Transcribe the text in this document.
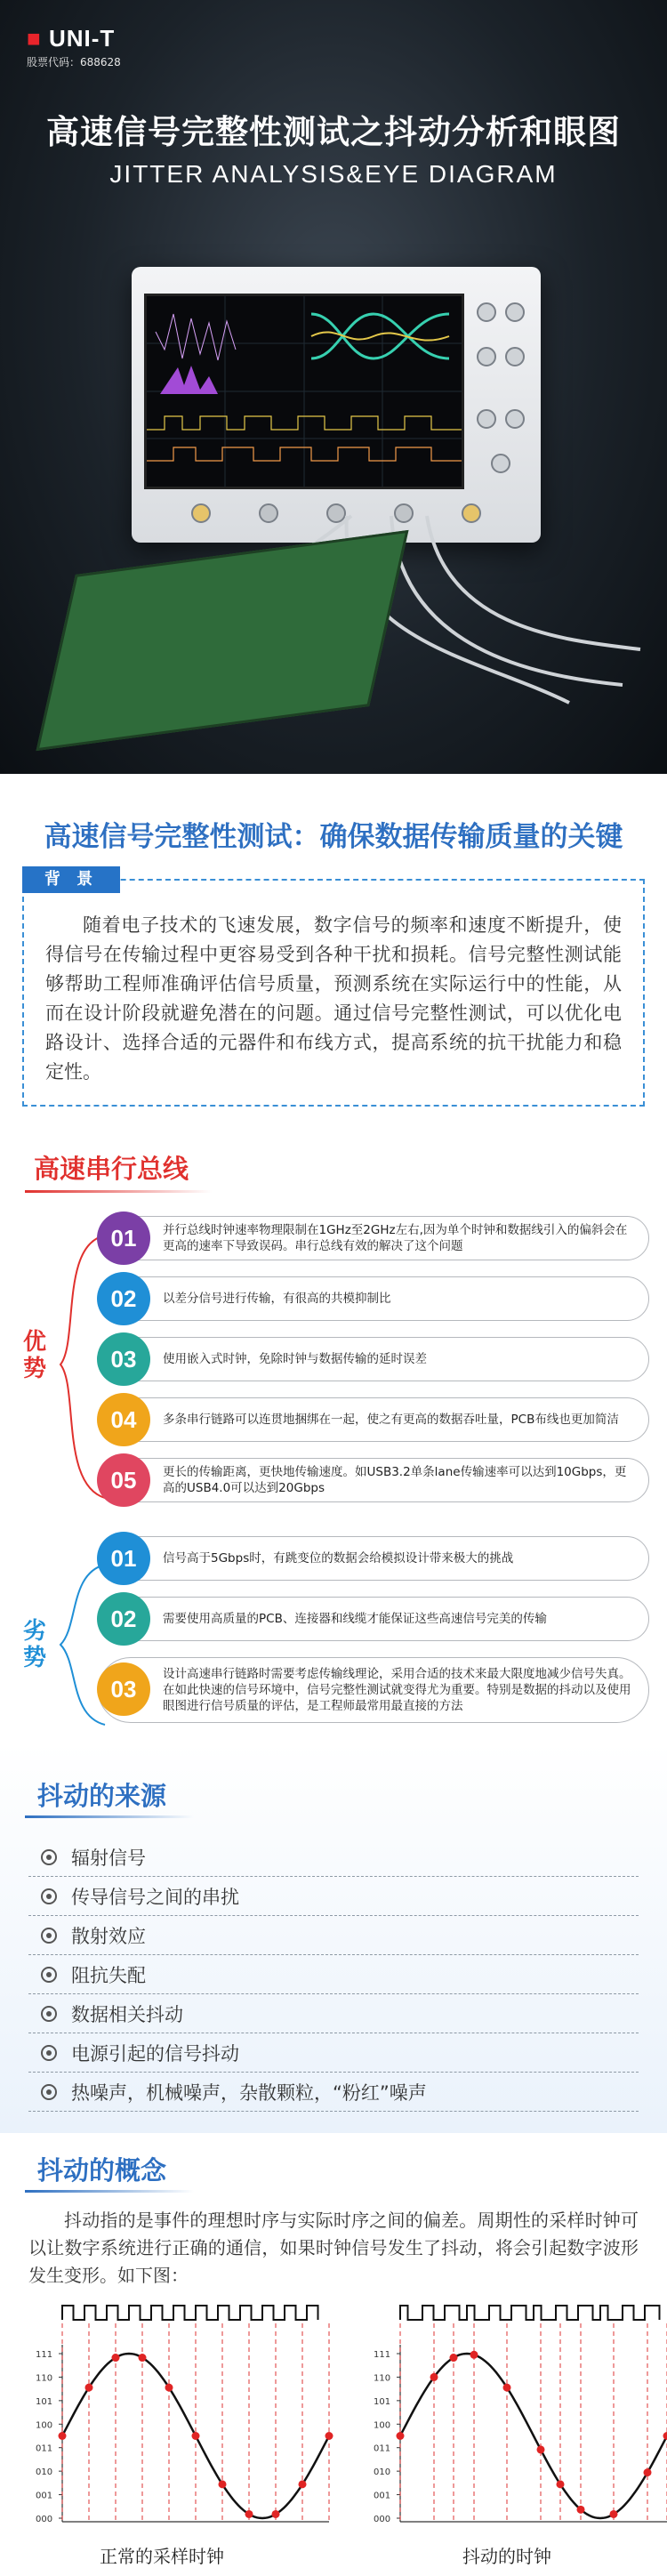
■ UNI-T
股票代码：688628
高速信号完整性测试之抖动分析和眼图
JITTER ANALYSIS&EYE DIAGRAM
高速信号完整性测试：确保数据传输质量的关键
背 景
随着电子技术的飞速发展，数字信号的频率和速度不断提升，使得信号在传输过程中更容易受到各种干扰和损耗。信号完整性测试能够帮助工程师准确评估信号质量，预测系统在实际运行中的性能，从而在设计阶段就避免潜在的问题。通过信号完整性测试，可以优化电路设计、选择合适的元器件和布线方式，提高系统的抗干扰能力和稳定性。
高速串行总线
优势
劣势
01	并行总线时钟速率物理限制在1GHz至2GHz左右,因为单个时钟和数据线引入的偏斜会在更高的速率下导致误码。串行总线有效的解决了这个问题
02	以差分信号进行传输，有很高的共模抑制比
03	使用嵌入式时钟，免除时钟与数据传输的延时误差
04	多条串行链路可以连贯地捆绑在一起，使之有更高的数据吞吐量，PCB布线也更加简洁
05	更长的传输距离，更快地传输速度。如USB3.2单条lane传输速率可以达到10Gbps，更高的USB4.0可以达到20Gbps
01	信号高于5Gbps时，有跳变位的数据会给模拟设计带来极大的挑战
02	需要使用高质量的PCB、连接器和线缆才能保证这些高速信号完美的传输
03
设计高速串行链路时需要考虑传输线理论，采用合适的技术来最大限度地减少信号失真。在如此快速的信号环境中，信号完整性测试就变得尤为重要。特别是数据的抖动以及使用眼图进行信号质量的评估，是工程师最常用最直接的方法
抖动的来源
辐射信号
传导信号之间的串扰
散射效应
阻抗失配
数据相关抖动
电源引起的信号抖动
热噪声，机械噪声，杂散颗粒，“粉红”噪声
抖动的概念
抖动指的是事件的理想时序与实际时序之间的偏差。周期性的采样时钟可以让数字系统进行正确的通信，如果时钟信号发生了抖动，将会引起数字波形发生变形。如下图：
111
110
101
100
011
010
001
000
111
110
101
100
011
010
001
000
正常的采样时钟	抖动的时钟
